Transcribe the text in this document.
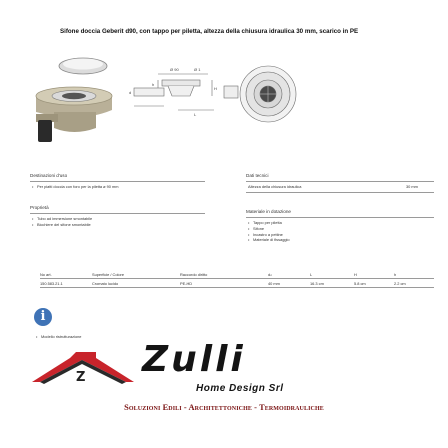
Sifone doccia Geberit d90, con tappo per piletta, altezza della chiusura idraulica 30 mm, scarico in PE
Ø 90	Ø 1
h
H
d
L
Destinazioni d'uso
• Per piatti doccia con foro per la piletta ø 90 mm
Proprietà
• Tubo ad immersione smontabile
• Bicchiere del sifone smontabile
Dati tecnici
Altezza della chiusura idraulica	30 mm
Materiale in dotazione
• Tappo per piletta
• Sifone
• Incastro a pettine
• Materiale di fissaggio
No art.	Superficie / Colore	Raccordo diritto	dₙ	L	H	h
150.583.21.1	Cromato lucido	PE-HD	40 mm	16.3 cm	5.8 cm	2.2 cm
i
• Modello ristrutturazione
Z Zulli
Home Design Srl
Soluzioni Edili - Architettoniche - Termoidrauliche
